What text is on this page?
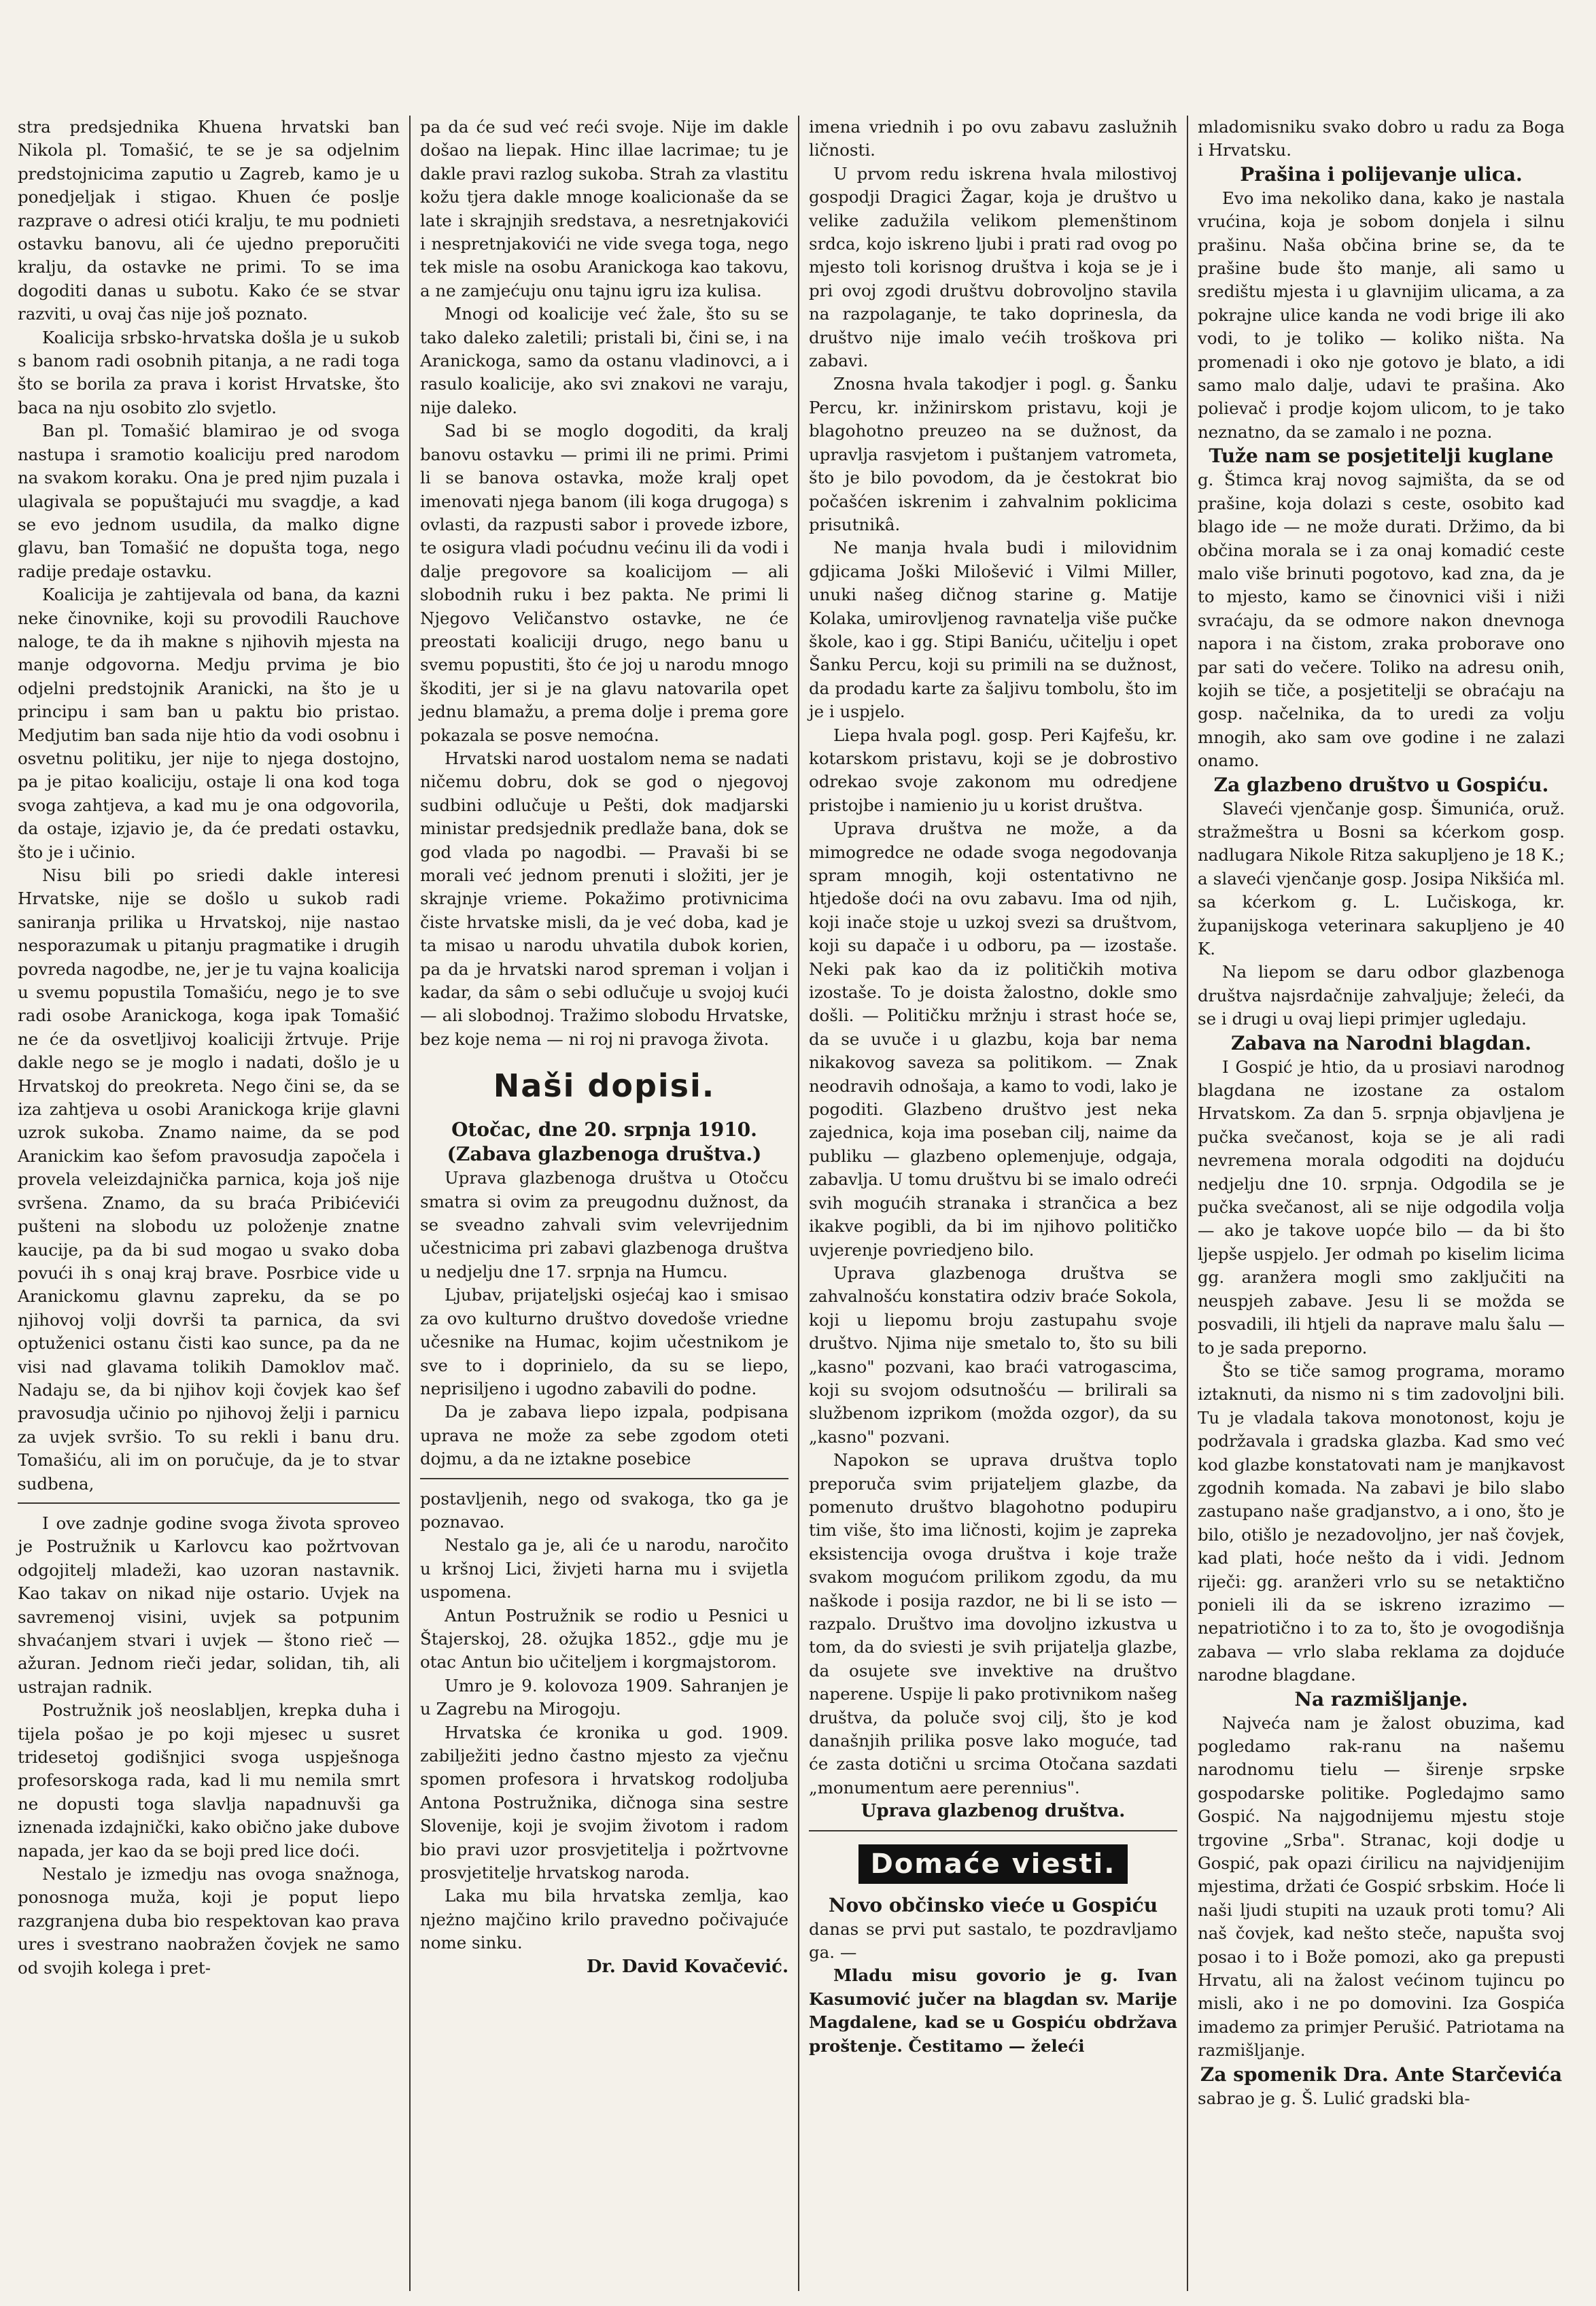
stra predsjednika Khuena hrvatski ban Nikola pl. Tomašić, te se je sa odjelnim predstojnicima zaputio u Zagreb, kamo je u ponedjeljak i stigao. Khuen će poslje razprave o adresi otići kralju, te mu podnieti ostavku banovu, ali će ujedno preporučiti kralju, da ostavke ne primi. To se ima dogoditi danas u subotu. Kako će se stvar razviti, u ovaj čas nije još poznato.

Koalicija srbsko-hrvatska došla je u sukob s banom radi osobnih pitanja, a ne radi toga što se borila za prava i korist Hrvatske, što baca na nju osobito zlo svjetlo.

Ban pl. Tomašić blamirao je od svoga nastupa i sramotio koaliciju pred narodom na svakom koraku. Ona je pred njim puzala i ulagivala se popuštajući mu svagdje, a kad se evo jednom usudila, da malko digne glavu, ban Tomašić ne dopušta toga, nego radije predaje ostavku.

Koalicija je zahtijevala od bana, da kazni neke činovnike, koji su provodili Rauchove naloge, te da ih makne s njihovih mjesta na manje odgovorna. Medju prvima je bio odjelni predstojnik Aranicki, na što je u principu i sam ban u paktu bio pristao. Medjutim ban sada nije htio da vodi osobnu i osvetnu politiku, jer nije to njega dostojno, pa je pitao koaliciju, ostaje li ona kod toga svoga zahtjeva, a kad mu je ona odgovorila, da ostaje, izjavio je, da će predati ostavku, što je i učinio.

Nisu bili po sriedi dakle interesi Hrvatske, nije se došlo u sukob radi saniranja prilika u Hrvatskoj, nije nastao nesporazumak u pitanju pragmatike i drugih povreda nagodbe, ne, jer je tu vajna koalicija u svemu popustila Tomašiću, nego je to sve radi osobe Aranickoga, koga ipak Tomašić ne će da osvetljivoj koaliciji žrtvuje. Prije dakle nego se je moglo i nadati, došlo je u Hrvatskoj do preokreta. Nego čini se, da se iza zahtjeva u osobi Aranickoga krije glavni uzrok sukoba. Znamo naime, da se pod Aranickim kao šefom pravosudja započela i provela veleizdajnička parnica, koja još nije svršena. Znamo, da su braća Pribićevići pušteni na slobodu uz položenje znatne kaucije, pa da bi sud mogao u svako doba povući ih s onaj kraj brave. Posrbice vide u Aranickomu glavnu zapreku, da se po njihovoj volji dovrši ta parnica, da svi optuženici ostanu čisti kao sunce, pa da ne visi nad glavama tolikih Damoklov mač. Nadaju se, da bi njihov koji čovjek kao šef pravosudja učinio po njihovoj želji i parnicu za uvjek svršio. To su rekli i banu dru. Tomašiću, ali im on poručuje, da je to stvar sudbena,

I ove zadnje godine svoga života sproveo je Postružnik u Karlovcu kao požrtvovan odgojitelj mladeži, kao uzoran nastavnik. Kao takav on nikad nije ostario. Uvjek na savremenoj visini, uvjek sa potpunim shvaćanjem stvari i uvjek — štono rieč — ažuran. Jednom rieči jedar, solidan, tih, ali ustrajan radnik.

Postružnik još neoslabljen, krepka duha i tijela pošao je po koji mjesec u susret tridesetoj godišnjici svoga uspješnoga profesorskoga rada, kad li mu nemila smrt ne dopusti toga slavlja napadnuvši ga iznenada izdajnički, kako obično jake dubove napada, jer kao da se boji pred lice doći.

Nestalo je izmedju nas ovoga snažnoga, ponosnoga muža, koji je poput liepo razgranjena duba bio respektovan kao prava ures i svestrano naobražen čovjek ne samo od svojih kolega i pret-

pa da će sud već reći svoje. Nije im dakle došao na liepak. Hinc illae lacrimae; tu je dakle pravi razlog sukoba. Strah za vlastitu kožu tjera dakle mnoge koalicionaše da se late i skrajnjih sredstava, a nesretnjakovići i nespretnjakovići ne vide svega toga, nego tek misle na osobu Aranickoga kao takovu, a ne zamjećuju onu tajnu igru iza kulisa.

Mnogi od koalicije već žale, što su se tako daleko zaletili; pristali bi, čini se, i na Aranickoga, samo da ostanu vladinovci, a i rasulo koalicije, ako svi znakovi ne varaju, nije daleko.

Sad bi se moglo dogoditi, da kralj banovu ostavku — primi ili ne primi. Primi li se banova ostavka, može kralj opet imenovati njega banom (ili koga drugoga) s ovlasti, da razpusti sabor i provede izbore, te osigura vladi poćudnu većinu ili da vodi i dalje pregovore sa koalicijom — ali slobodnih ruku i bez pakta. Ne primi li Njegovo Veličanstvo ostavke, ne će preostati koaliciji drugo, nego banu u svemu popustiti, što će joj u narodu mnogo škoditi, jer si je na glavu natovarila opet jednu blamažu, a prema dolje i prema gore pokazala se posve nemoćna.

Hrvatski narod uostalom nema se nadati ničemu dobru, dok se god o njegovoj sudbini odlučuje u Pešti, dok madjarski ministar predsjednik predlaže bana, dok se god vlada po nagodbi. — Pravaši bi se morali već jednom prenuti i složiti, jer je skrajnje vrieme. Pokažimo protivnicima čiste hrvatske misli, da je već doba, kad je ta misao u narodu uhvatila dubok korien, pa da je hrvatski narod spreman i voljan i kadar, da sâm o sebi odlučuje u svojoj kući — ali slobodnoj. Tražimo slobodu Hrvatske, bez koje nema — ni roj ni pravoga života.

Naši dopisi.

Otočac, dne 20. srpnja 1910.

(Zabava glazbenoga društva.)

Uprava glazbenoga društva u Otočcu smatra si ovim za preugodnu dužnost, da se sveadno zahvali svim velevrijednim učestnicima pri zabavi glazbenoga društva u nedjelju dne 17. srpnja na Humcu.

Ljubav, prijateljski osjećaj kao i smisao za ovo kulturno društvo dovedoše vriedne učesnike na Humac, kojim učestnikom je sve to i doprinielo, da su se liepo, neprisiljeno i ugodno zabavili do podne.

Da je zabava liepo izpala, podpisana uprava ne može za sebe zgodom oteti dojmu, a da ne iztakne posebice

postavljenih, nego od svakoga, tko ga je poznavao.

Nestalo ga je, ali će u narodu, naročito u kršnoj Lici, živjeti harna mu i svijetla uspomena.

Antun Postružnik se rodio u Pesnici u Štajerskoj, 28. ožujka 1852., gdje mu je otac Antun bio učiteljem i korgmajstorom.

Umro je 9. kolovoza 1909. Sahranjen je u Zagrebu na Mirogoju.

Hrvatska će kronika u god. 1909. zabilježiti jedno častno mjesto za vječnu spomen profesora i hrvatskog rodoljuba Antona Postružnika, dičnoga sina sestre Slovenije, koji je svojim životom i radom bio pravi uzor prosvjetitelja i požrtvovne prosvjetitelje hrvatskog naroda.

Laka mu bila hrvatska zemlja, kao njeżno majčino krilo pravedno počivajuće nome sinku.

Dr. David Kovačević.

imena vriednih i po ovu zabavu zaslužnih ličnosti.

U prvom redu iskrena hvala milostivoj gospodji Dragici Žagar, koja je društvo u velike zadužila velikom plemenštinom srdca, kojo iskreno ljubi i prati rad ovog po mjesto toli korisnog društva i koja se je i pri ovoj zgodi društvu dobrovoljno stavila na razpolaganje, te tako doprinesla, da društvo nije imalo većih troškova pri zabavi.

Znosna hvala takodjer i pogl. g. Šanku Percu, kr. inžinirskom pristavu, koji je blagohotno preuzeo na se dužnost, da upravlja rasvjetom i puštanjem vatrometa, što je bilo povodom, da je čestokrat bio počašćen iskrenim i zahvalnim poklicima prisutnikâ.

Ne manja hvala budi i milovidnim gdjicama Joški Milošević i Vilmi Miller, unuki našeg dičnog starine g. Matije Kolaka, umirovljenog ravnatelja više pučke škole, kao i gg. Stipi Baniću, učitelju i opet Šanku Percu, koji su primili na se dužnost, da prodadu karte za šaljivu tombolu, što im je i uspjelo.

Liepa hvala pogl. gosp. Peri Kajfešu, kr. kotarskom pristavu, koji se je dobrostivo odrekao svoje zakonom mu odredjene pristojbe i namienio ju u korist društva.

Uprava društva ne može, a da mimogredce ne odade svoga negodovanja spram mnogih, koji ostentativno ne htjedoše doći na ovu zabavu. Ima od njih, koji inače stoje u uzkoj svezi sa društvom, koji su dapače i u odboru, pa — izostaše. Neki pak kao da iz političkih motiva izostaše. To je doista žalostno, dokle smo došli. — Političku mržnju i strast hoće se, da se uvuče i u glazbu, koja bar nema nikakovog saveza sa politikom. — Znak neodravih odnošaja, a kamo to vodi, lako je pogoditi. Glazbeno društvo jest neka zajednica, koja ima poseban cilj, naime da publiku — glazbeno oplemenjuje, odgaja, zabavlja. U tomu društvu bi se imalo odreći svih mogućih stranaka i strančica a bez ikakve pogibli, da bi im njihovo političko uvjerenje povriedjeno bilo.

Uprava glazbenoga društva se zahvalnošću konstatira odziv braće Sokola, koji u liepomu broju zastupahu svoje društvo. Njima nije smetalo to, što su bili „kasno" pozvani, kao braći vatrogascima, koji su svojom odsutnošću — brilirali sa službenom izprikom (možda ozgor), da su „kasno" pozvani.

Napokon se uprava društva toplo preporuča svim prijateljem glazbe, da pomenuto društvo blagohotno podupiru tim više, što ima ličnosti, kojim je zapreka eksistencija ovoga društva i koje traže svakom mogućom prilikom zgodu, da mu naškode i posija razdor, ne bi li se isto — razpalo. Društvo ima dovoljno izkustva u tom, da do sviesti je svih prijatelja glazbe, da osujete sve invektive na društvo naperene. Uspije li pako protivnikom našeg društva, da poluče svoj cilj, što je kod današnjih prilika posve lako moguće, tad će zasta dotični u srcima Otočana sazdati „monumentum aere perennius".

Uprava glazbenog društva.

Domaće viesti.

Novo občinsko vieće u Gospiću

danas se prvi put sastalo, te pozdravljamo ga. —

Mladu misu govorio je g. Ivan Kasumović jučer na blagdan sv. Marije Magdalene, kad se u Gospiću obdržava proštenje. Čestitamo — želeći

mladomisniku svako dobro u radu za Boga i Hrvatsku.

Prašina i polijevanje ulica.

Evo ima nekoliko dana, kako je nastala vrućina, koja je sobom donjela i silnu prašinu. Naša občina brine se, da te prašine bude što manje, ali samo u središtu mjesta i u glavnijim ulicama, a za pokrajne ulice kanda ne vodi brige ili ako vodi, to je toliko — koliko ništa. Na promenadi i oko nje gotovo je blato, a idi samo malo dalje, udavi te prašina. Ako polievač i prodje kojom ulicom, to je tako neznatno, da se zamalo i ne pozna.

Tuže nam se posjetitelji kuglane

g. Štimca kraj novog sajmišta, da se od prašine, koja dolazi s ceste, osobito kad blago ide — ne može durati. Držimo, da bi občina morala se i za onaj komadić ceste malo više brinuti pogotovo, kad zna, da je to mjesto, kamo se činovnici viši i niži svraćaju, da se odmore nakon dnevnoga napora i na čistom, zraka proborave ono par sati do večere. Toliko na adresu onih, kojih se tiče, a posjetitelji se obraćaju na gosp. načelnika, da to uredi za volju mnogih, ako sam ove godine i ne zalazi onamo.

Za glazbeno društvo u Gospiću.

Slaveći vjenčanje gosp. Šimunića, oruž. stražmeštra u Bosni sa kćerkom gosp. nadlugara Nikole Ritza sakupljeno je 18 K.; a slaveći vjenčanje gosp. Josipa Nikšića ml. sa kćerkom g. L. Lučiskoga, kr. županijskoga veterinara sakupljeno je 40 K.

Na liepom se daru odbor glazbenoga društva najsrdačnije zahvaljuje; želeći, da se i drugi u ovaj liepi primjer ugledaju.

Zabava na Narodni blagdan.

I Gospić je htio, da u prosiavi narodnog blagdana ne izostane za ostalom Hrvatskom. Za dan 5. srpnja objavljena je pučka svečanost, koja se je ali radi nevremena morala odgoditi na dojduću nedjelju dne 10. srpnja. Odgodila se je pučka svečanost, ali se nije odgodila volja — ako je takove uopće bilo — da bi što ljepše uspjelo. Jer odmah po kiselim licima gg. aranžera mogli smo zaključiti na neuspjeh zabave. Jesu li se možda se posvadili, ili htjeli da naprave malu šalu — to je sada preporno.

Što se tiče samog programa, moramo iztaknuti, da nismo ni s tim zadovoljni bili. Tu je vladala takova monotonost, koju je podržavala i gradska glazba. Kad smo već kod glazbe konstatovati nam je manjkavost zgodnih komada. Na zabavi je bilo slabo zastupano naše gradjanstvo, a i ono, što je bilo, otišlo je nezadovoljno, jer naš čovjek, kad plati, hoće nešto da i vidi. Jednom riječi: gg. aranžeri vrlo su se netaktično ponieli ili da se iskreno izrazimo — nepatriotično i to za to, što je ovogodišnja zabava — vrlo slaba reklama za dojduće narodne blagdane.

Na razmišljanje.

Najveća nam je žalost obuzima, kad pogledamo rak-ranu na našemu narodnomu tielu — širenje srpske gospodarske politike. Pogledajmo samo Gospić. Na najgodnijemu mjestu stoje trgovine „Srba". Stranac, koji dodje u Gospić, pak opazi ćirilicu na najvidjenijim mjestima, držati će Gospić srbskim. Hoće li naši ljudi stupiti na uzauk proti tomu? Ali naš čovjek, kad nešto steče, napušta svoj posao i to i Bože pomozi, ako ga prepusti Hrvatu, ali na žalost većinom tujincu po misli, ako i ne po domovini. Iza Gospića imademo za primjer Perušić. Patriotama na razmišljanje.

Za spomenik Dra. Ante Starčevića

sabrao je g. Š. Lulić gradski bla-
